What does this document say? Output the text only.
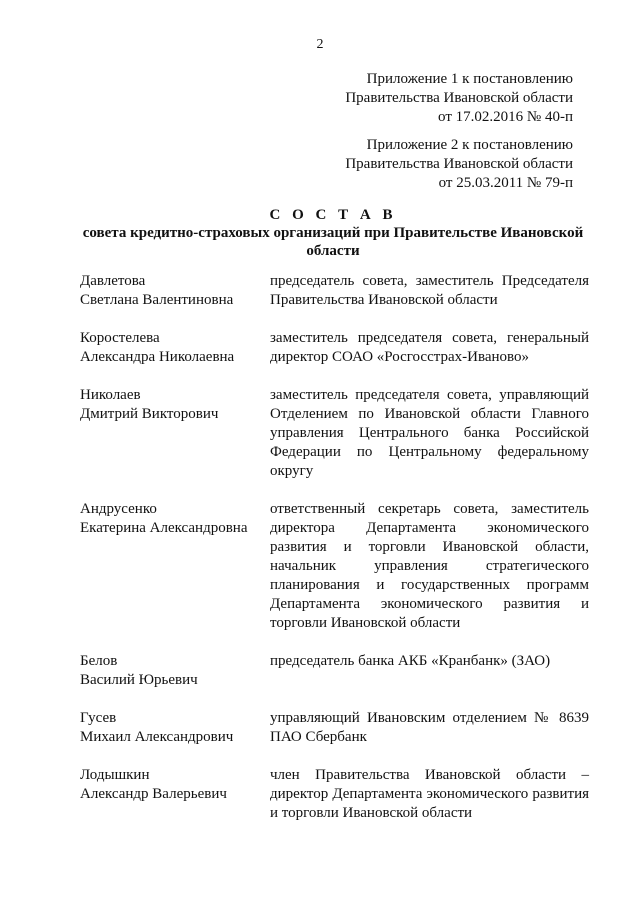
2
Приложение 1 к постановлению
Правительства Ивановской области
от 17.02.2016 № 40-п
Приложение 2 к постановлению
Правительства Ивановской области
от 25.03.2011 № 79-п
С О С Т А В
совета кредитно-страховых организаций при Правительстве Ивановской области
Давлетова
Светлана Валентиновна
председатель совета, заместитель Председателя Правительства Ивановской области
Коростелева
Александра Николаевна
заместитель председателя совета, генеральный директор СОАО «Росгосстрах-Иваново»
Николаев
Дмитрий Викторович
заместитель председателя совета, управляющий Отделением по Ивановской области Главного управления Центрального банка Российской Федерации по Центральному федеральному округу
Андрусенко
Екатерина Александровна
ответственный секретарь совета, заместитель директора Департамента экономического развития и торговли Ивановской области, начальник управления стратегического планирования и государственных программ Департамента экономического развития и торговли Ивановской области
Белов
Василий Юрьевич
председатель банка АКБ «Кранбанк» (ЗАО)
Гусев
Михаил Александрович
управляющий Ивановским отделением № 8639 ПАО Сбербанк
Лодышкин
Александр Валерьевич
член Правительства Ивановской области – директор Департамента экономического развития и торговли Ивановской области
